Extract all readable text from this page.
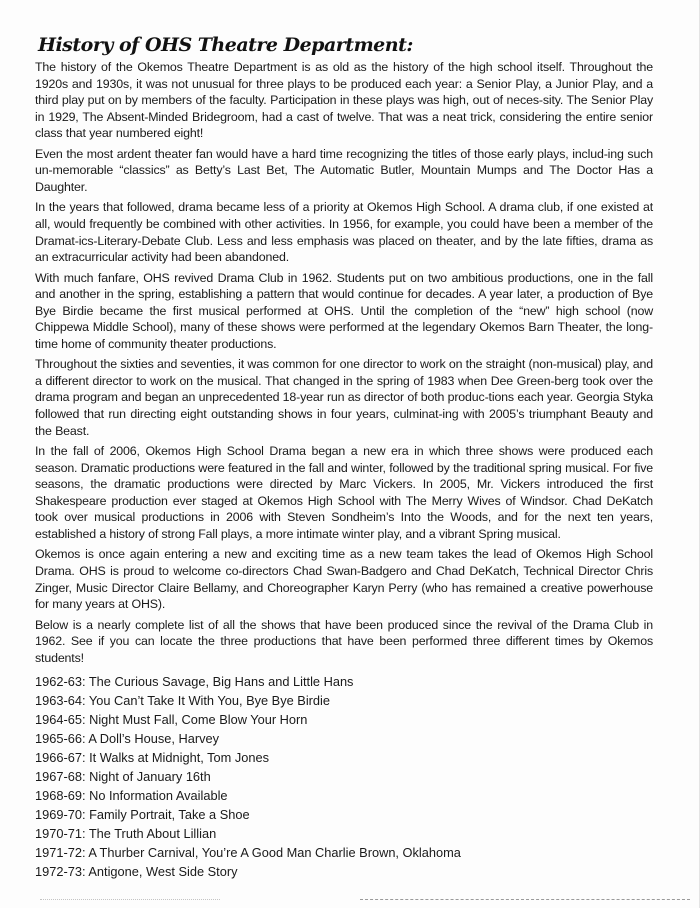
History of OHS Theatre Department:

The history of the Okemos Theatre Department is as old as the history of the high school itself. Throughout the 1920s and 1930s, it was not unusual for three plays to be produced each year: a Senior Play, a Junior Play, and a third play put on by members of the faculty. Participation in these plays was high, out of neces-sity. The Senior Play in 1929, The Absent-Minded Bridegroom, had a cast of twelve. That was a neat trick, considering the entire senior class that year numbered eight!

Even the most ardent theater fan would have a hard time recognizing the titles of those early plays, includ-ing such un-memorable “classics” as Betty’s Last Bet, The Automatic Butler, Mountain Mumps and The Doctor Has a Daughter.

In the years that followed, drama became less of a priority at Okemos High School. A drama club, if one existed at all, would frequently be combined with other activities. In 1956, for example, you could have been a member of the Dramat-ics-Literary-Debate Club. Less and less emphasis was placed on theater, and by the late fifties, drama as an extracurricular activity had been abandoned.

With much fanfare, OHS revived Drama Club in 1962. Students put on two ambitious productions, one in the fall and another in the spring, establishing a pattern that would continue for decades. A year later, a production of Bye Bye Birdie became the first musical performed at OHS. Until the completion of the “new” high school (now Chippewa Middle School), many of these shows were performed at the legendary Okemos Barn Theater, the long-time home of community theater productions.

Throughout the sixties and seventies, it was common for one director to work on the straight (non-musical) play, and a different director to work on the musical. That changed in the spring of 1983 when Dee Green-berg took over the drama program and began an unprecedented 18-year run as director of both produc-tions each year. Georgia Styka followed that run directing eight outstanding shows in four years, culminat-ing with 2005’s triumphant Beauty and the Beast.

In the fall of 2006, Okemos High School Drama began a new era in which three shows were produced each season. Dramatic productions were featured in the fall and winter, followed by the traditional spring musical. For five seasons, the dramatic productions were directed by Marc Vickers. In 2005, Mr. Vickers introduced the first Shakespeare production ever staged at Okemos High School with The Merry Wives of Windsor. Chad DeKatch took over musical productions in 2006 with Steven Sondheim’s Into the Woods, and for the next ten years, established a history of strong Fall plays, a more intimate winter play, and a vibrant Spring musical.

Okemos is once again entering a new and exciting time as a new team takes the lead of Okemos High School Drama. OHS is proud to welcome co-directors Chad Swan-Badgero and Chad DeKatch, Technical Director Chris Zinger, Music Director Claire Bellamy, and Choreographer Karyn Perry (who has remained a creative powerhouse for many years at OHS).

Below is a nearly complete list of all the shows that have been produced since the revival of the Drama Club in 1962. See if you can locate the three productions that have been performed three different times by Okemos students!

1962-63: The Curious Savage, Big Hans and Little Hans
1963-64: You Can’t Take It With You, Bye Bye Birdie
1964-65: Night Must Fall, Come Blow Your Horn
1965-66: A Doll’s House, Harvey
1966-67: It Walks at Midnight, Tom Jones
1967-68: Night of January 16th
1968-69: No Information Available
1969-70: Family Portrait, Take a Shoe
1970-71: The Truth About Lillian
1971-72: A Thurber Carnival, You’re A Good Man Charlie Brown, Oklahoma
1972-73: Antigone, West Side Story
